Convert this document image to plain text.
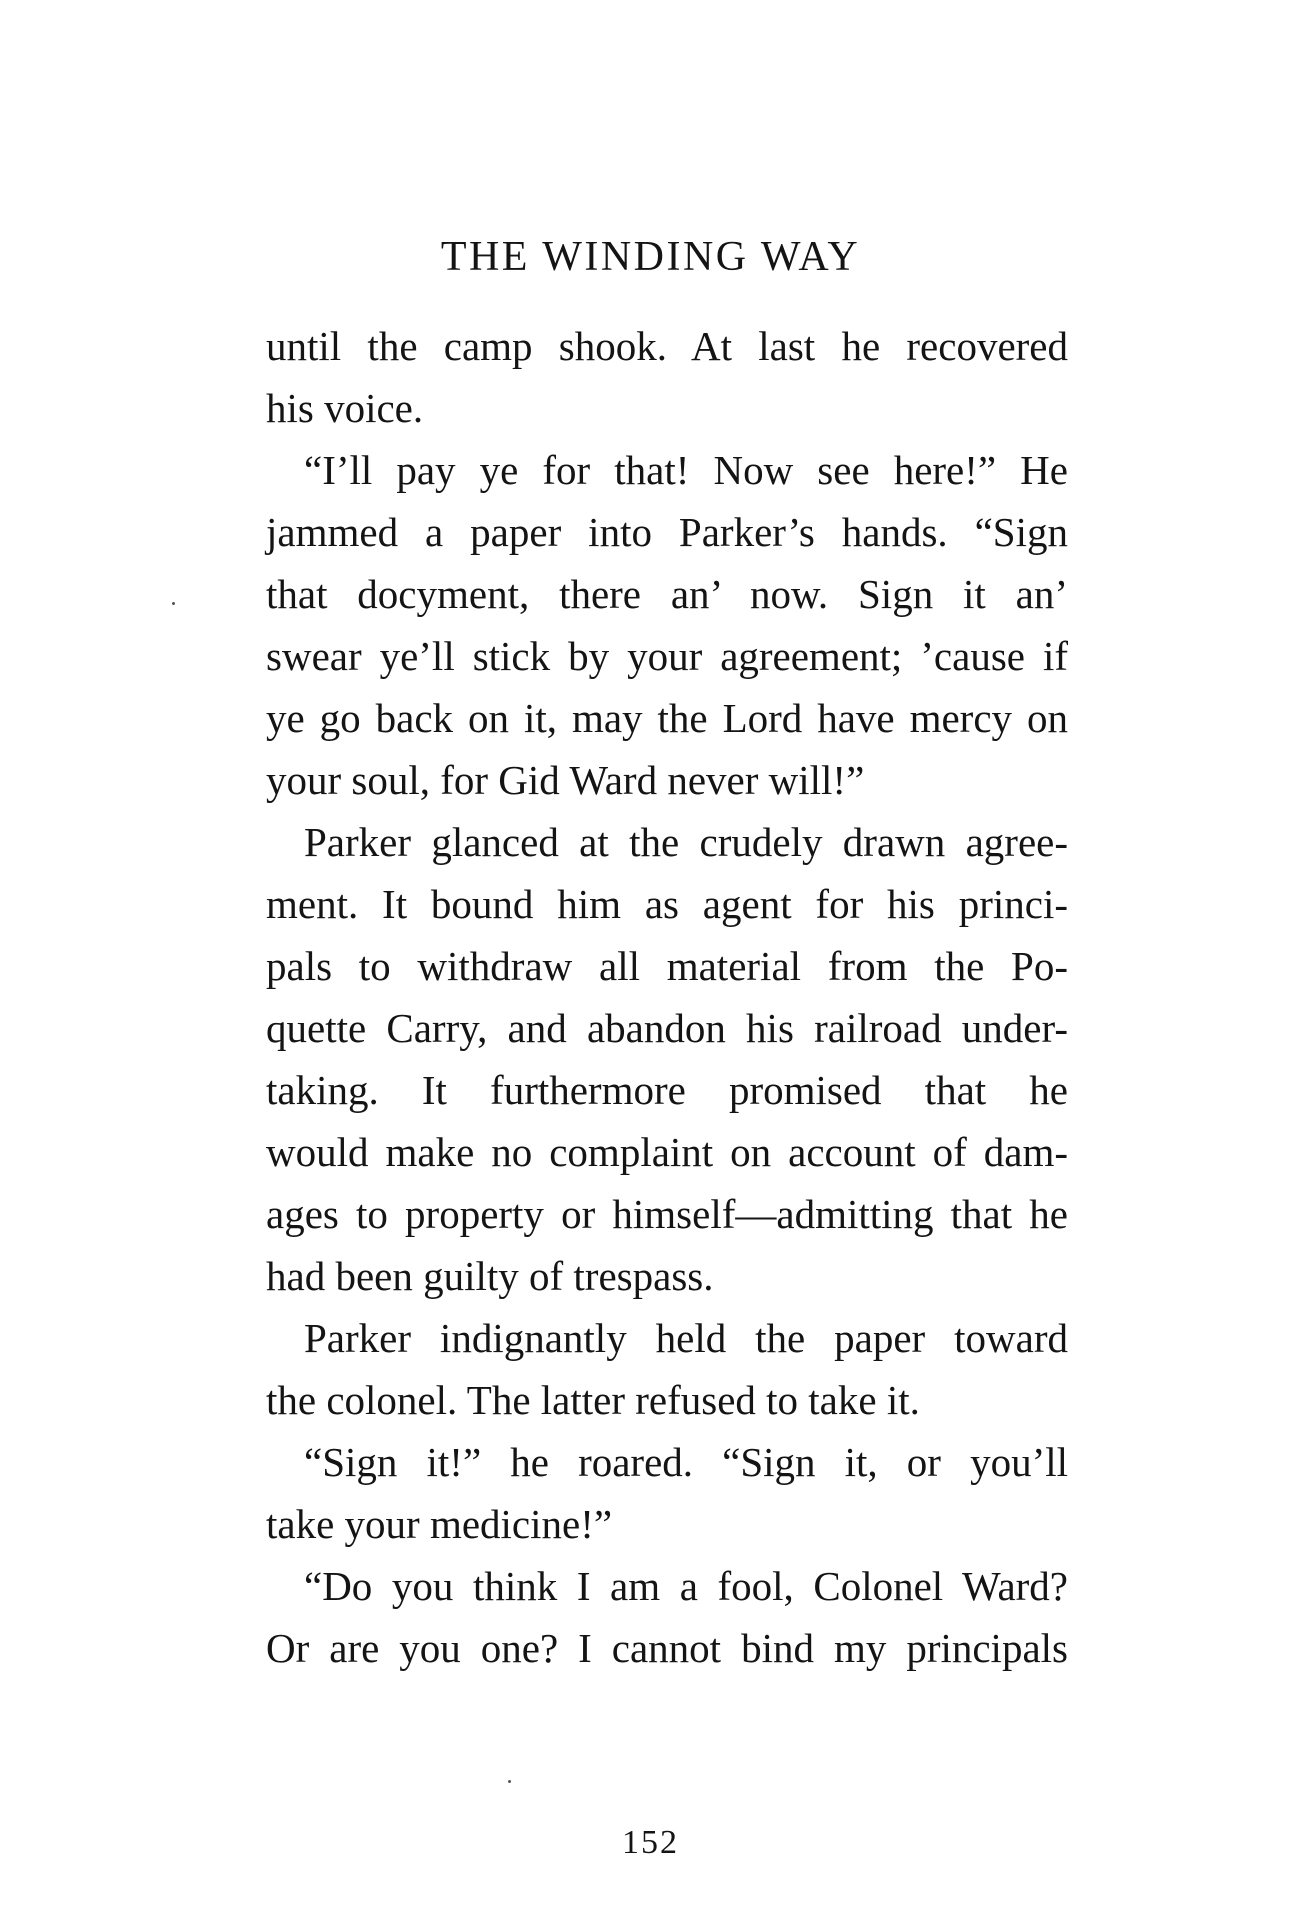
THE WINDING WAY
until the camp shook. At last he recovered
his voice.
“I’ll pay ye for that! Now see here!” He
jammed a paper into Parker’s hands. “Sign
that docyment, there an’ now. Sign it an’
swear ye’ll stick by your agreement; ’cause if
ye go back on it, may the Lord have mercy on
your soul, for Gid Ward never will!”
Parker glanced at the crudely drawn agree-
ment. It bound him as agent for his princi-
pals to withdraw all material from the Po-
quette Carry, and abandon his railroad under-
taking. It furthermore promised that he
would make no complaint on account of dam-
ages to property or himself—admitting that he
had been guilty of trespass.
Parker indignantly held the paper toward
the colonel. The latter refused to take it.
“Sign it!” he roared. “Sign it, or you’ll
take your medicine!”
“Do you think I am a fool, Colonel Ward?
Or are you one? I cannot bind my principals
152
